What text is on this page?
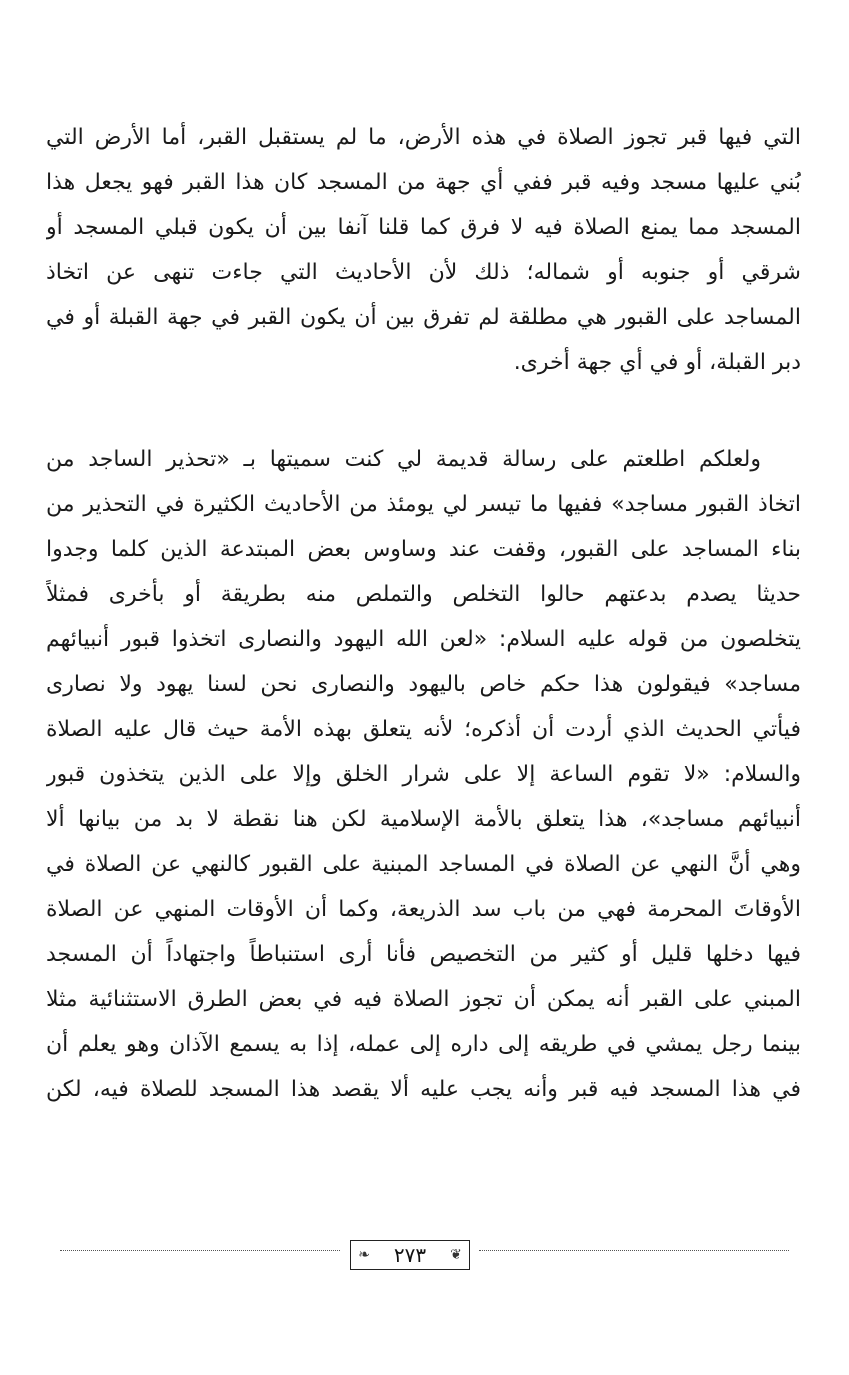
التي فيها قبر تجوز الصلاة في هذه الأرض، ما لم يستقبل القبر، أما الأرض التي
بُني عليها مسجد وفيه قبر ففي أي جهة من المسجد كان هذا القبر فهو يجعل هذا
المسجد مما يمنع الصلاة فيه لا فرق كما قلنا آنفا بين أن يكون قبلي المسجد أو
شرقي أو جنوبه أو شماله؛ ذلك لأن الأحاديث التي جاءت تنهى عن اتخاذ
المساجد على القبور هي مطلقة لم تفرق بين أن يكون القبر في جهة القبلة أو في
دبر القبلة، أو في أي جهة أخرى.
ولعلكم اطلعتم على رسالة قديمة لي كنت سميتها بـ «تحذير الساجد من
اتخاذ القبور مساجد» ففيها ما تيسر لي يومئذ من الأحاديث الكثيرة في التحذير من
بناء المساجد على القبور، وقفت عند وساوس بعض المبتدعة الذين كلما وجدوا
حديثا يصدم بدعتهم حالوا التخلص والتملص منه بطريقة أو بأخرى فمثلاً
يتخلصون من قوله عليه السلام: «لعن الله اليهود والنصارى اتخذوا قبور أنبيائهم
مساجد» فيقولون هذا حكم خاص باليهود والنصارى نحن لسنا يهود ولا نصارى
فيأتي الحديث الذي أردت أن أذكره؛ لأنه يتعلق بهذه الأمة حيث قال عليه الصلاة
والسلام: «لا تقوم الساعة إلا على شرار الخلق وإلا على الذين يتخذون قبور
أنبيائهم مساجد»، هذا يتعلق بالأمة الإسلامية لكن هنا نقطة لا بد من بيانها ألا
وهي أنَّ النهي عن الصلاة في المساجد المبنية على القبور كالنهي عن الصلاة في
الأوقاتَ المحرمة فهي من باب سد الذريعة، وكما أن الأوقات المنهي عن الصلاة
فيها دخلها قليل أو كثير من التخصيص فأنا أرى استنباطاً واجتهاداً أن المسجد
المبني على القبر أنه يمكن أن تجوز الصلاة فيه في بعض الطرق الاستثنائية مثلا
بينما رجل يمشي في طريقه إلى داره إلى عمله، إذا به يسمع الآذان وهو يعلم أن
في هذا المسجد فيه قبر وأنه يجب عليه ألا يقصد هذا المسجد للصلاة فيه، لكن
❦
٢٧٣
❧
